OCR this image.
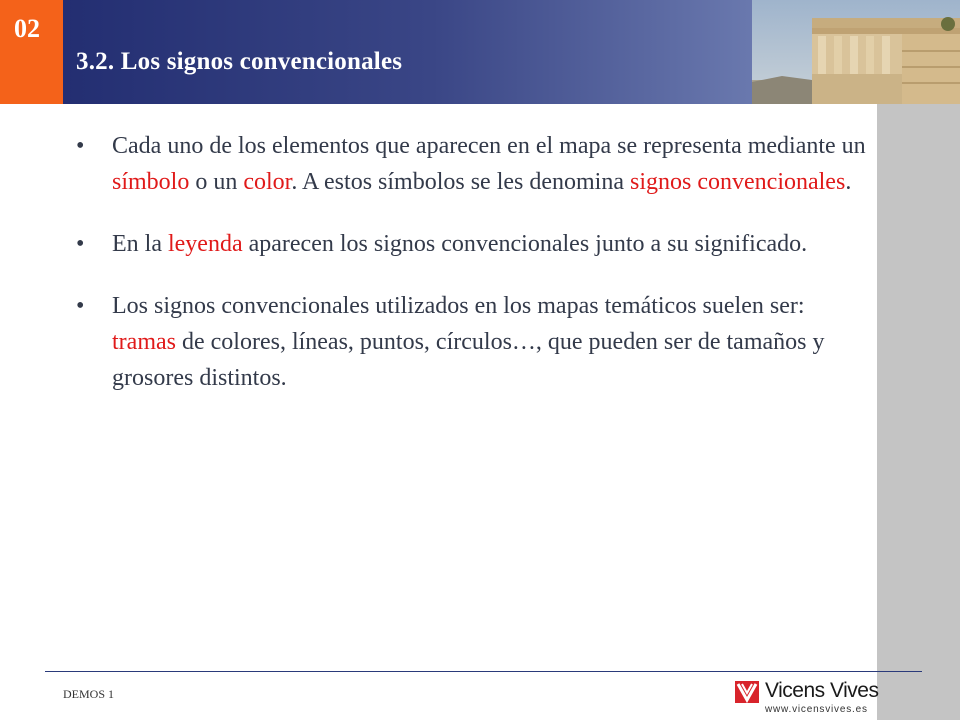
02
3.2. Los signos convencionales
• Cada uno de los elementos que aparecen en el mapa se representa mediante un símbolo o un color. A estos símbolos se les denomina signos convencionales.
• En la leyenda aparecen los signos convencionales junto a su significado.
• Los signos convencionales utilizados en los mapas temáticos suelen ser: tramas de colores, líneas, puntos, círculos…, que pueden ser de tamaños y grosores distintos.
DEMOS 1	Vicens Vives
www.vicensvives.es
